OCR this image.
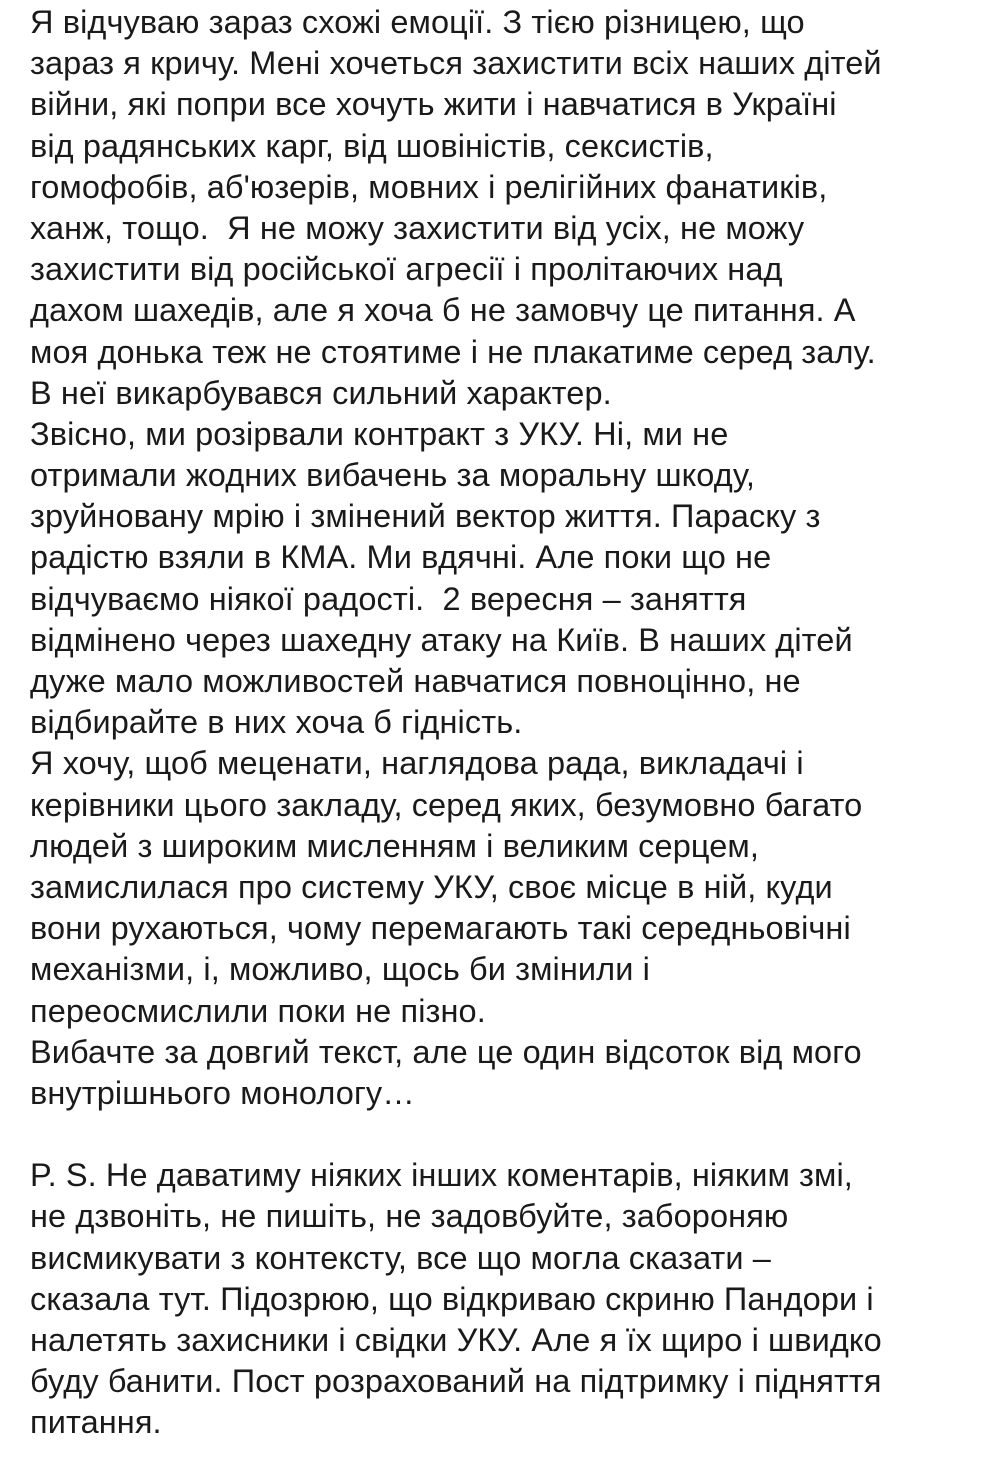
Я відчуваю зараз схожі емоції. З тією різницею, що
зараз я кричу. Мені хочеться захистити всіх наших дітей
війни, які попри все хочуть жити і навчатися в Україні
від радянських карг, від шовіністів, сексистів,
гомофобів, аб'юзерів, мовних і релігійних фанатиків,
ханж, тощо.  Я не можу захистити від усіх, не можу
захистити від російської агресії і пролітаючих над
дахом шахедів, але я хоча б не замовчу це питання. А
моя донька теж не стоятиме і не плакатиме серед залу.
В неї викарбувався сильний характер.
Звісно, ми розірвали контракт з УКУ. Ні, ми не
отримали жодних вибачень за моральну шкоду,
зруйновану мрію і змінений вектор життя. Параску з
радістю взяли в КМА. Ми вдячні. Але поки що не
відчуваємо ніякої радості.  2 вересня – заняття
відмінено через шахедну атаку на Київ. В наших дітей
дуже мало можливостей навчатися повноцінно, не
відбирайте в них хоча б гідність.
Я хочу, щоб меценати, наглядова рада, викладачі і
керівники цього закладу, серед яких, безумовно багато
людей з широким мисленням і великим серцем,
замислилася про систему УКУ, своє місце в ній, куди
вони рухаються, чому перемагають такі середньовічні
механізми, і, можливо, щось би змінили і
переосмислили поки не пізно.
Вибачте за довгий текст, але це один відсоток від мого
внутрішнього монологу…
P. S. Не даватиму ніяких інших коментарів, ніяким змі,
не дзвоніть, не пишіть, не задовбуйте, забороняю
висмикувати з контексту, все що могла сказати –
сказала тут. Підозрюю, що відкриваю скриню Пандори і
налетять захисники і свідки УКУ. Але я їх щиро і швидко
буду банити. Пост розрахований на підтримку і підняття
питання.
